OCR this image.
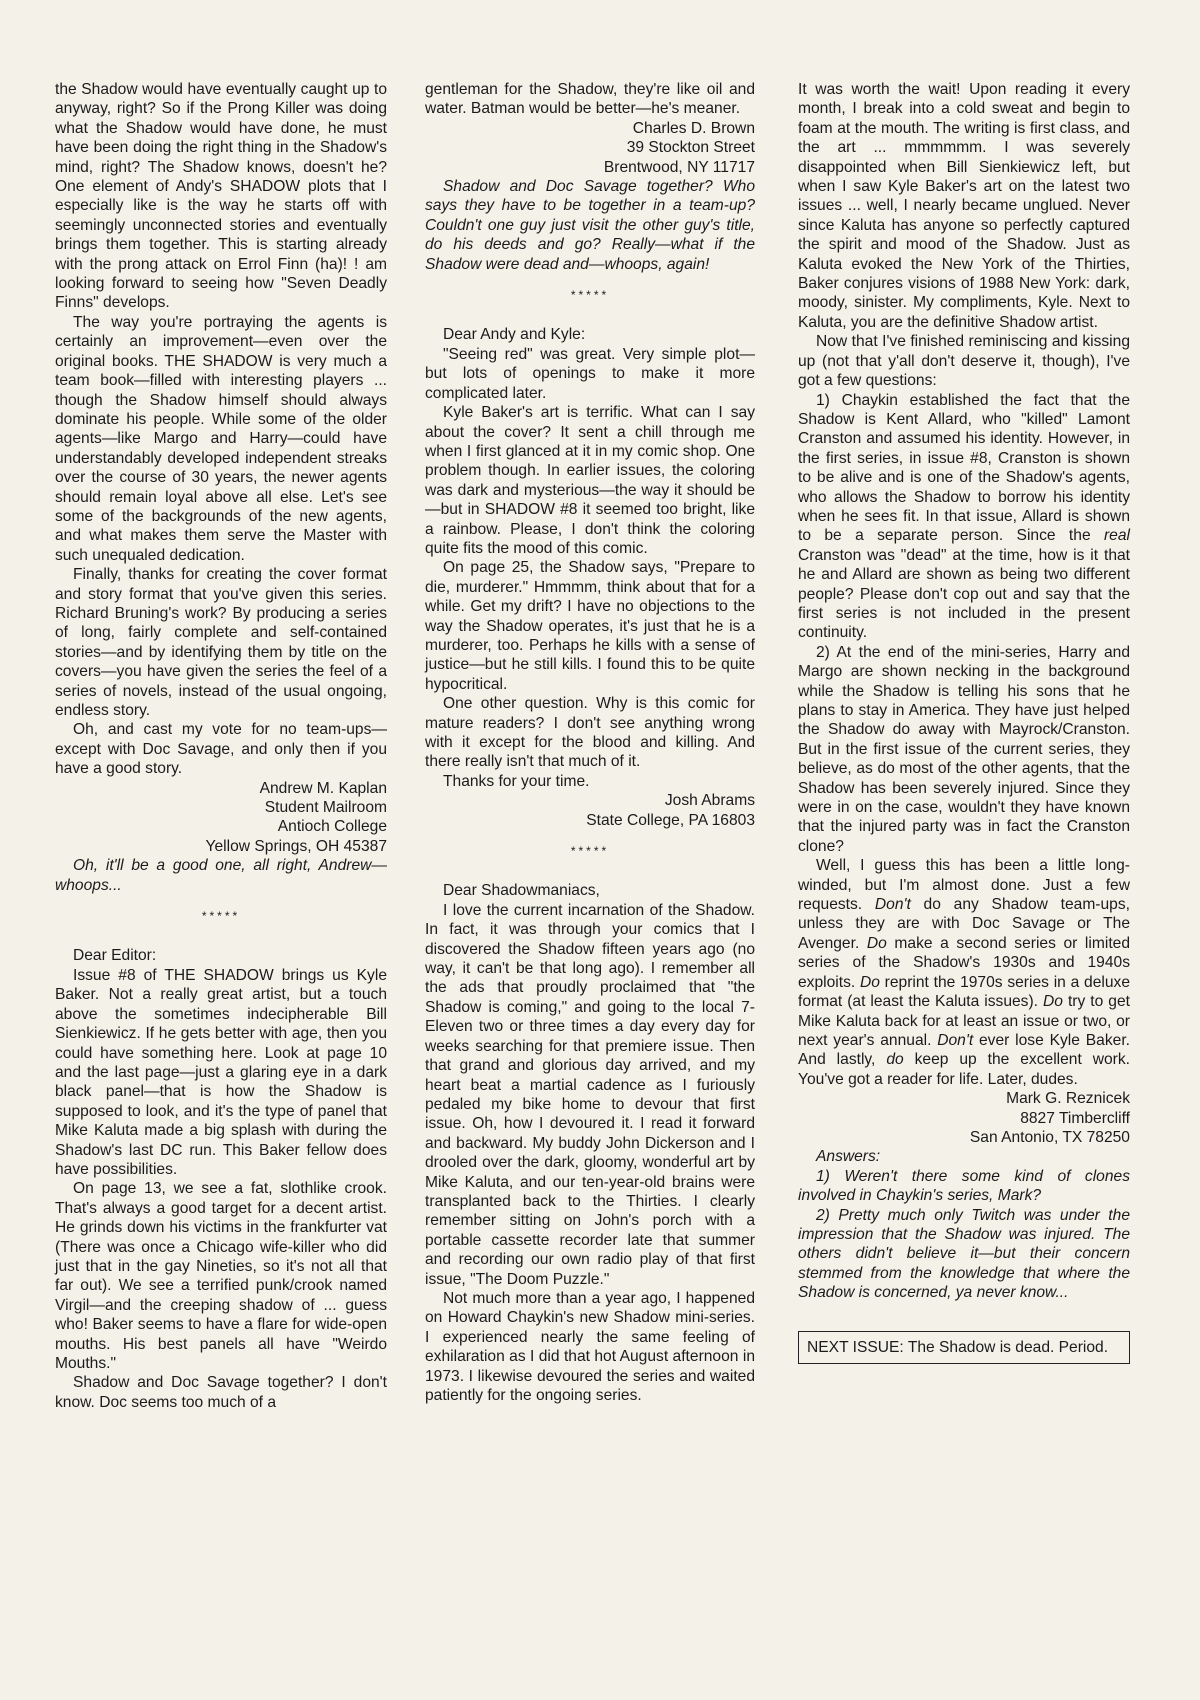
the Shadow would have eventually caught up to anyway, right? So if the Prong Killer was doing what the Shadow would have done, he must have been doing the right thing in the Shadow's mind, right? The Shadow knows, doesn't he? One element of Andy's SHADOW plots that I especially like is the way he starts off with seemingly unconnected stories and eventually brings them together. This is starting already with the prong attack on Errol Finn (ha)! ! am looking forward to seeing how "Seven Deadly Finns" develops.

The way you're portraying the agents is certainly an improvement—even over the original books. THE SHADOW is very much a team book—filled with interesting players ... though the Shadow himself should always dominate his people. While some of the older agents—like Margo and Harry—could have understandably developed independent streaks over the course of 30 years, the newer agents should remain loyal above all else. Let's see some of the backgrounds of the new agents, and what makes them serve the Master with such unequaled dedication.

Finally, thanks for creating the cover format and story format that you've given this series. Richard Bruning's work? By producing a series of long, fairly complete and self-contained stories—and by identifying them by title on the covers—you have given the series the feel of a series of novels, instead of the usual ongoing, endless story.

Oh, and cast my vote for no team-ups—except with Doc Savage, and only then if you have a good story.

Andrew M. Kaplan
Student Mailroom
Antioch College
Yellow Springs, OH 45387

Oh, it'll be a good one, all right, Andrew—whoops...

*****

Dear Editor:

Issue #8 of THE SHADOW brings us Kyle Baker. Not a really great artist, but a touch above the sometimes indecipherable Bill Sienkiewicz. If he gets better with age, then you could have something here. Look at page 10 and the last page—just a glaring eye in a dark black panel—that is how the Shadow is supposed to look, and it's the type of panel that Mike Kaluta made a big splash with during the Shadow's last DC run. This Baker fellow does have possibilities.

On page 13, we see a fat, slothlike crook. That's always a good target for a decent artist. He grinds down his victims in the frankfurter vat (There was once a Chicago wife-killer who did just that in the gay Nineties, so it's not all that far out). We see a terrified punk/crook named Virgil—and the creeping shadow of ... guess who! Baker seems to have a flare for wide-open mouths. His best panels all have "Weirdo Mouths."

Shadow and Doc Savage together? I don't know. Doc seems too much of a

gentleman for the Shadow, they're like oil and water. Batman would be better—he's meaner.

Charles D. Brown
39 Stockton Street
Brentwood, NY 11717

Shadow and Doc Savage together? Who says they have to be together in a team-up? Couldn't one guy just visit the other guy's title, do his deeds and go? Really—what if the Shadow were dead and—whoops, again!

*****

Dear Andy and Kyle:

"Seeing red" was great. Very simple plot—but lots of openings to make it more complicated later.

Kyle Baker's art is terrific. What can I say about the cover? It sent a chill through me when I first glanced at it in my comic shop. One problem though. In earlier issues, the coloring was dark and mysterious—the way it should be—but in SHADOW #8 it seemed too bright, like a rainbow. Please, I don't think the coloring quite fits the mood of this comic.

On page 25, the Shadow says, "Prepare to die, murderer." Hmmmm, think about that for a while. Get my drift? I have no objections to the way the Shadow operates, it's just that he is a murderer, too. Perhaps he kills with a sense of justice—but he still kills. I found this to be quite hypocritical.

One other question. Why is this comic for mature readers? I don't see anything wrong with it except for the blood and killing. And there really isn't that much of it.

Thanks for your time.

Josh Abrams
State College, PA 16803
*****

Dear Shadowmaniacs,

I love the current incarnation of the Shadow. In fact, it was through your comics that I discovered the Shadow fifteen years ago (no way, it can't be that long ago). I remember all the ads that proudly proclaimed that "the Shadow is coming," and going to the local 7-Eleven two or three times a day every day for weeks searching for that premiere issue. Then that grand and glorious day arrived, and my heart beat a martial cadence as I furiously pedaled my bike home to devour that first issue. Oh, how I devoured it. I read it forward and backward. My buddy John Dickerson and I drooled over the dark, gloomy, wonderful art by Mike Kaluta, and our ten-year-old brains were transplanted back to the Thirties. I clearly remember sitting on John's porch with a portable cassette recorder late that summer and recording our own radio play of that first issue, "The Doom Puzzle."

Not much more than a year ago, I happened on Howard Chaykin's new Shadow mini-series. I experienced nearly the same feeling of exhilaration as I did that hot August afternoon in 1973. I likewise devoured the series and waited patiently for the ongoing series.

It was worth the wait! Upon reading it every month, I break into a cold sweat and begin to foam at the mouth. The writing is first class, and the art ... mmmmmm. I was severely disappointed when Bill Sienkiewicz left, but when I saw Kyle Baker's art on the latest two issues ... well, I nearly became unglued. Never since Kaluta has anyone so perfectly captured the spirit and mood of the Shadow. Just as Kaluta evoked the New York of the Thirties, Baker conjures visions of 1988 New York: dark, moody, sinister. My compliments, Kyle. Next to Kaluta, you are the definitive Shadow artist.

Now that I've finished reminiscing and kissing up (not that y'all don't deserve it, though), I've got a few questions:

1) Chaykin established the fact that the Shadow is Kent Allard, who "killed" Lamont Cranston and assumed his identity. However, in the first series, in issue #8, Cranston is shown to be alive and is one of the Shadow's agents, who allows the Shadow to borrow his identity when he sees fit. In that issue, Allard is shown to be a separate person. Since the real Cranston was "dead" at the time, how is it that he and Allard are shown as being two different people? Please don't cop out and say that the first series is not included in the present continuity.

2) At the end of the mini-series, Harry and Margo are shown necking in the background while the Shadow is telling his sons that he plans to stay in America. They have just helped the Shadow do away with Mayrock/Cranston. But in the first issue of the current series, they believe, as do most of the other agents, that the Shadow has been severely injured. Since they were in on the case, wouldn't they have known that the injured party was in fact the Cranston clone?

Well, I guess this has been a little long-winded, but I'm almost done. Just a few requests. Don't do any Shadow team-ups, unless they are with Doc Savage or The Avenger. Do make a second series or limited series of the Shadow's 1930s and 1940s exploits. Do reprint the 1970s series in a deluxe format (at least the Kaluta issues). Do try to get Mike Kaluta back for at least an issue or two, or next year's annual. Don't ever lose Kyle Baker. And lastly, do keep up the excellent work. You've got a reader for life. Later, dudes.

Mark G. Reznicek
8827 Timbercliff
San Antonio, TX 78250

Answers:

1) Weren't there some kind of clones involved in Chaykin's series, Mark?

2) Pretty much only Twitch was under the impression that the Shadow was injured. The others didn't believe it—but their concern stemmed from the knowledge that where the Shadow is concerned, ya never know...

NEXT ISSUE: The Shadow is dead. Period.
